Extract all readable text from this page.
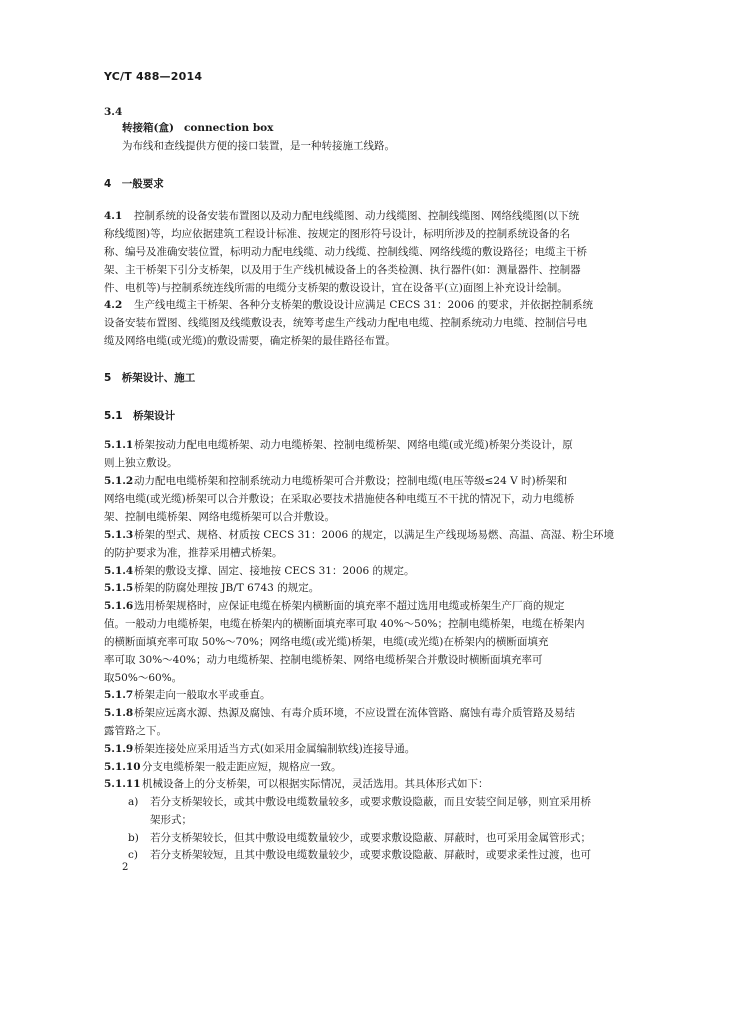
YC/T 488—2014
3.4
转接箱(盒) connection box
为布线和查线提供方便的接口装置，是一种转接施工线路。
4　一般要求
4.1 控制系统的设备安装布置图以及动力配电线缆图、动力线缆图、控制线缆图、网络线缆图(以下统
称线缆图)等，均应依据建筑工程设计标准、按规定的图形符号设计，标明所涉及的控制系统设备的名
称、编号及准确安装位置，标明动力配电线缆、动力线缆、控制线缆、网络线缆的敷设路径；电缆主干桥
架、主干桥架下引分支桥架，以及用于生产线机械设备上的各类检测、执行器件(如：测量器件、控制器
件、电机等)与控制系统连线所需的电缆分支桥架的敷设设计，宜在设备平(立)面图上补充设计绘制。
4.2 生产线电缆主干桥架、各种分支桥架的敷设设计应满足 CECS 31：2006 的要求，并依据控制系统
设备安装布置图、线缆图及线缆敷设表，统筹考虑生产线动力配电电缆、控制系统动力电缆、控制信号电
缆及网络电缆(或光缆)的敷设需要，确定桥架的最佳路径布置。
5　桥架设计、施工
5.1　桥架设计
5.1.1桥架按动力配电电缆桥架、动力电缆桥架、控制电缆桥架、网络电缆(或光缆)桥架分类设计，原
则上独立敷设。
5.1.2动力配电电缆桥架和控制系统动力电缆桥架可合并敷设；控制电缆(电压等级≤24 V 时)桥架和
网络电缆(或光缆)桥架可以合并敷设；在采取必要技术措施使各种电缆互不干扰的情况下，动力电缆桥
架、控制电缆桥架、网络电缆桥架可以合并敷设。
5.1.3桥架的型式、规格、材质按 CECS 31：2006 的规定，以满足生产线现场易燃、高温、高湿、粉尘环境
的防护要求为准，推荐采用槽式桥架。
5.1.4桥架的敷设支撑、固定、接地按 CECS 31：2006 的规定。
5.1.5桥架的防腐处理按 JB/T 6743 的规定。
5.1.6选用桥架规格时，应保证电缆在桥架内横断面的填充率不超过选用电缆或桥架生产厂商的规定
值。一般动力电缆桥架，电缆在桥架内的横断面填充率可取 40%～50%；控制电缆桥架，电缆在桥架内
的横断面填充率可取 50%～70%；网络电缆(或光缆)桥架，电缆(或光缆)在桥架内的横断面填充
率可取 30%～40%；动力电缆桥架、控制电缆桥架、网络电缆桥架合并敷设时横断面填充率可
取50%～60%。
5.1.7桥架走向一般取水平或垂直。
5.1.8桥架应远离水源、热源及腐蚀、有毒介质环境，不应设置在流体管路、腐蚀有毒介质管路及易结
露管路之下。
5.1.9桥架连接处应采用适当方式(如采用金属编制软线)连接导通。
5.1.10分支电缆桥架一般走距应短，规格应一致。
5.1.11机械设备上的分支桥架，可以根据实际情况，灵活选用。其具体形式如下：
a) 若分支桥架较长，或其中敷设电缆数量较多，或要求敷设隐蔽，而且安装空间足够，则宜采用桥
架形式；
b) 若分支桥架较长，但其中敷设电缆数量较少，或要求敷设隐蔽、屏蔽时，也可采用金属管形式；
c) 若分支桥架较短，且其中敷设电缆数量较少，或要求敷设隐蔽、屏蔽时，或要求柔性过渡，也可
2
